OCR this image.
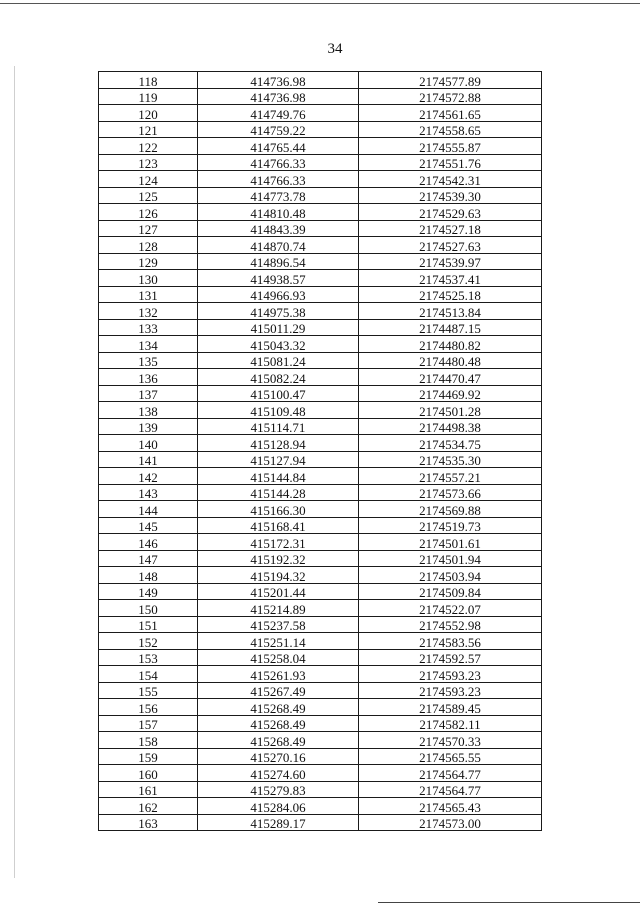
34
118	414736.98	2174577.89
119	414736.98	2174572.88
120	414749.76	2174561.65
121	414759.22	2174558.65
122	414765.44	2174555.87
123	414766.33	2174551.76
124	414766.33	2174542.31
125	414773.78	2174539.30
126	414810.48	2174529.63
127	414843.39	2174527.18
128	414870.74	2174527.63
129	414896.54	2174539.97
130	414938.57	2174537.41
131	414966.93	2174525.18
132	414975.38	2174513.84
133	415011.29	2174487.15
134	415043.32	2174480.82
135	415081.24	2174480.48
136	415082.24	2174470.47
137	415100.47	2174469.92
138	415109.48	2174501.28
139	415114.71	2174498.38
140	415128.94	2174534.75
141	415127.94	2174535.30
142	415144.84	2174557.21
143	415144.28	2174573.66
144	415166.30	2174569.88
145	415168.41	2174519.73
146	415172.31	2174501.61
147	415192.32	2174501.94
148	415194.32	2174503.94
149	415201.44	2174509.84
150	415214.89	2174522.07
151	415237.58	2174552.98
152	415251.14	2174583.56
153	415258.04	2174592.57
154	415261.93	2174593.23
155	415267.49	2174593.23
156	415268.49	2174589.45
157	415268.49	2174582.11
158	415268.49	2174570.33
159	415270.16	2174565.55
160	415274.60	2174564.77
161	415279.83	2174564.77
162	415284.06	2174565.43
163	415289.17	2174573.00
